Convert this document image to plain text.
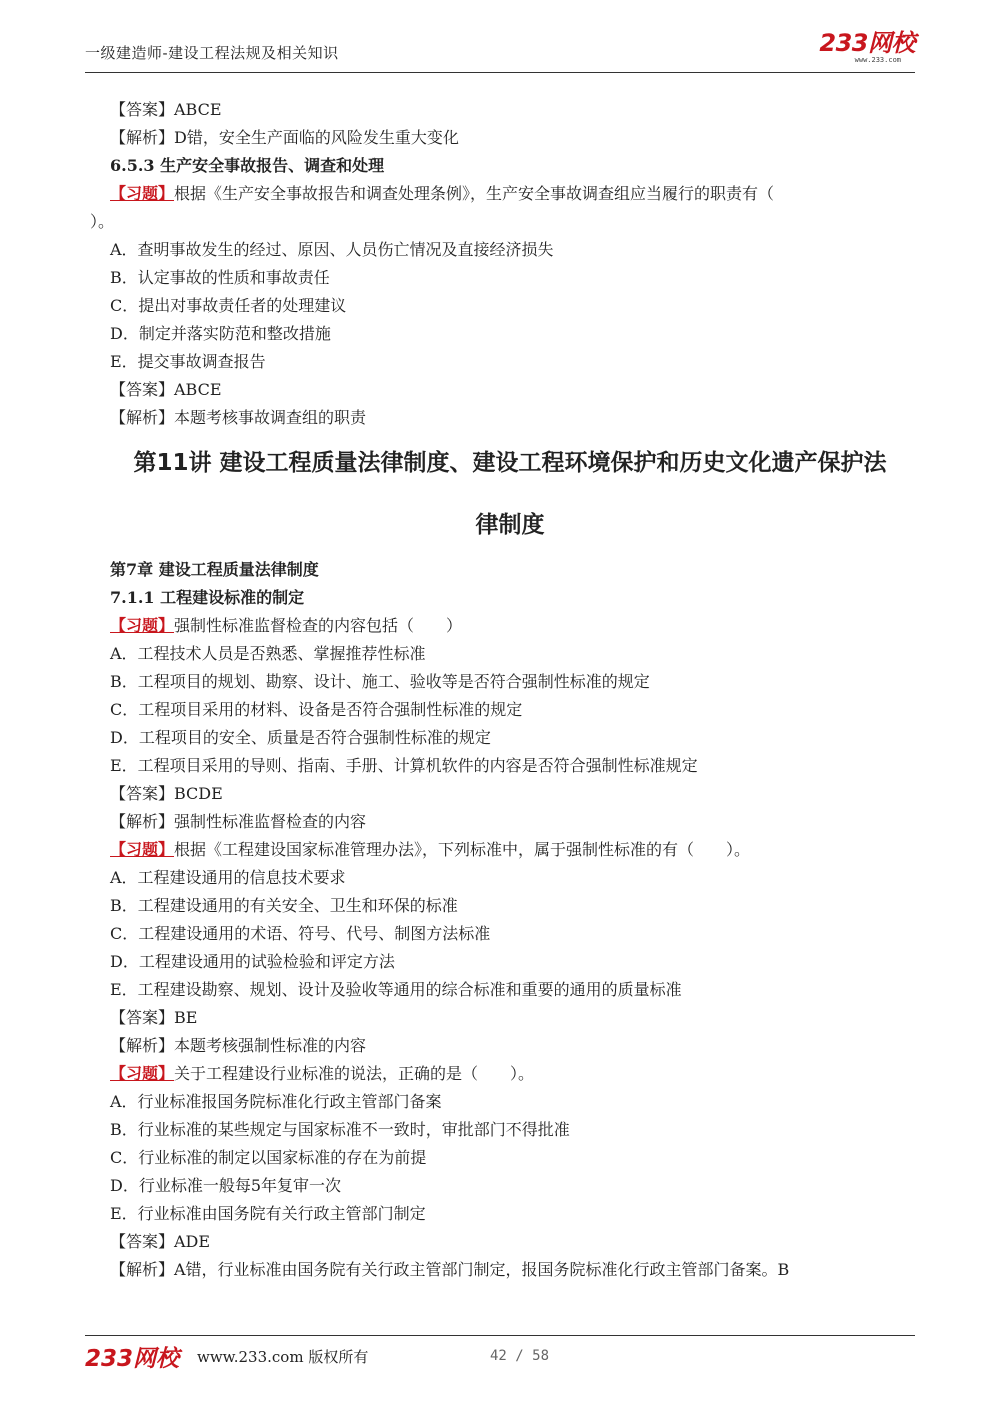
一级建造师-建设工程法规及相关知识	233网校
www.233.com
【答案】ABCE
【解析】D错，安全生产面临的风险发生重大变化
6.5.3 生产安全事故报告、调查和处理
【习题】根据《生产安全事故报告和调查处理条例》，生产安全事故调查组应当履行的职责有（
）。
A．查明事故发生的经过、原因、人员伤亡情况及直接经济损失
B．认定事故的性质和事故责任
C．提出对事故责任者的处理建议
D．制定并落实防范和整改措施
E．提交事故调查报告
【答案】ABCE
【解析】本题考核事故调查组的职责
第11讲 建设工程质量法律制度、建设工程环境保护和历史文化遗产保护法
律制度
第7章 建设工程质量法律制度
7.1.1 工程建设标准的制定
【习题】强制性标准监督检查的内容包括（　　）
A．工程技术人员是否熟悉、掌握推荐性标准
B．工程项目的规划、勘察、设计、施工、验收等是否符合强制性标准的规定
C．工程项目采用的材料、设备是否符合强制性标准的规定
D．工程项目的安全、质量是否符合强制性标准的规定
E．工程项目采用的导则、指南、手册、计算机软件的内容是否符合强制性标准规定
【答案】BCDE
【解析】强制性标准监督检查的内容
【习题】根据《工程建设国家标准管理办法》，下列标准中，属于强制性标准的有（　　）。
A．工程建设通用的信息技术要求
B．工程建设通用的有关安全、卫生和环保的标准
C．工程建设通用的术语、符号、代号、制图方法标准
D．工程建设通用的试验检验和评定方法
E．工程建设勘察、规划、设计及验收等通用的综合标准和重要的通用的质量标准
【答案】BE
【解析】本题考核强制性标准的内容
【习题】关于工程建设行业标准的说法，正确的是（　　）。
A．行业标准报国务院标准化行政主管部门备案
B．行业标准的某些规定与国家标准不一致时，审批部门不得批准
C．行业标准的制定以国家标准的存在为前提
D．行业标准一般每5年复审一次
E．行业标准由国务院有关行政主管部门制定
【答案】ADE
【解析】A错，行业标准由国务院有关行政主管部门制定，报国务院标准化行政主管部门备案。B
233网校 www.233.com 版权所有	42 / 58
